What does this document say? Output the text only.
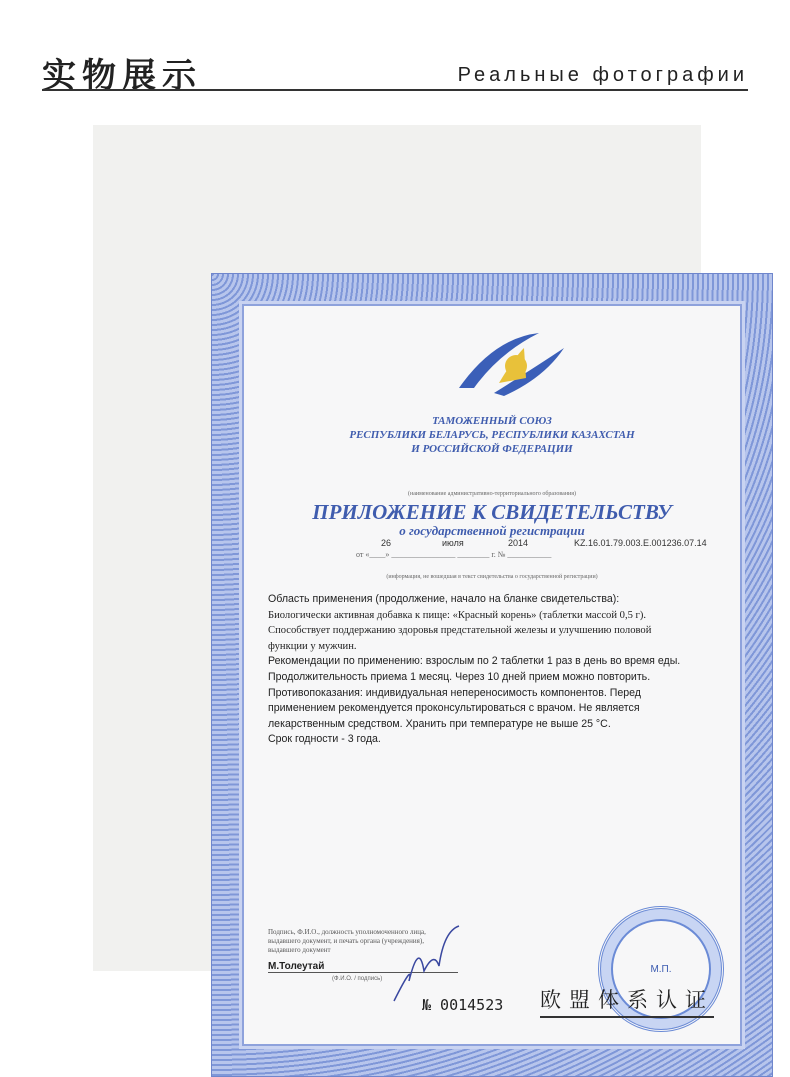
实物展示	Реальные фотографии
ТАМОЖЕННЫЙ СОЮЗ
РЕСПУБЛИКИ БЕЛАРУСЬ, РЕСПУБЛИКИ КАЗАХСТАН
И РОССИЙСКОЙ ФЕДЕРАЦИИ
(наименование административно-территориального образования)
ПРИЛОЖЕНИЕ К СВИДЕТЕЛЬСТВУ
о государственной регистрации
26	июля	2014	KZ.16.01.79.003.E.001236.07.14
от «____» ________________ ________ г. № ___________
(информация, не вошедшая в текст свидетельства о государственной регистрации)
Область применения (продолжение, начало на бланке свидетельства):
Биологически активная добавка к пище: «Красный корень» (таблетки массой 0,5 г).
Способствует поддержанию здоровья предстательной железы и улучшению половой
функции у мужчин.
Рекомендации по применению: взрослым по 2 таблетки 1 раз в день во время еды.
Продолжительность приема 1 месяц. Через 10 дней прием можно повторить.
Противопоказания: индивидуальная непереносимость компонентов. Перед
применением рекомендуется проконсультироваться с врачом. Не является
лекарственным средством. Хранить при температуре не выше 25 °С.
Срок годности - 3 года.
Подпись, Ф.И.О., должность уполномоченного лица,
выдавшего документ, и печать органа (учреждения),
выдавшего документ
М.Толеутай
(Ф.И.О. / подпись)
№ 0014523
М.П.
欧盟体系认证
